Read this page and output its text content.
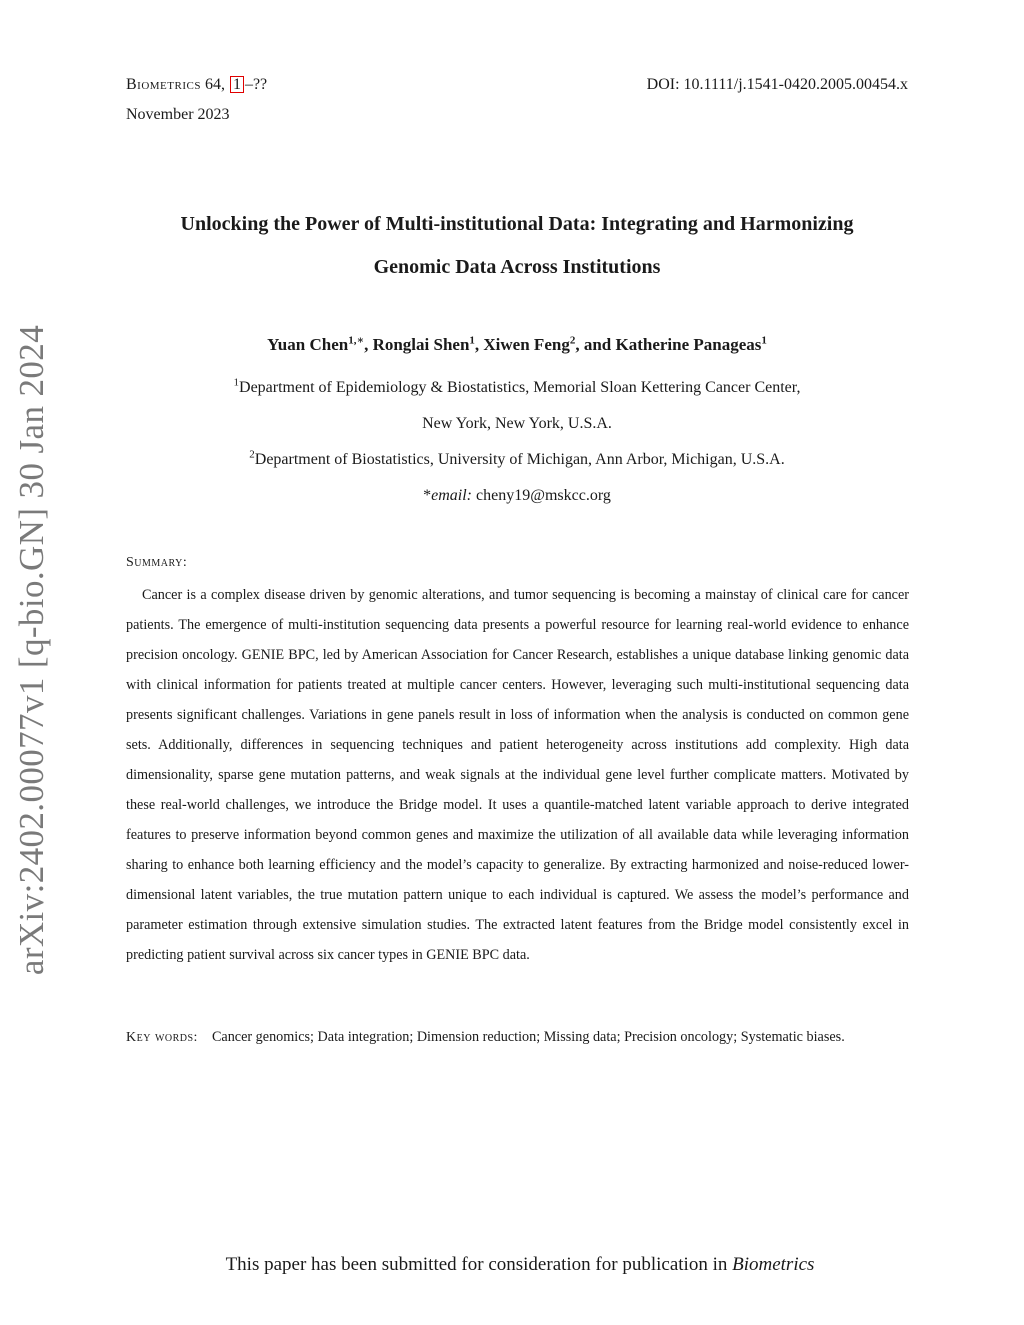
arXiv:2402.00077v1 [q-bio.GN] 30 Jan 2024
Biometrics 64, 1 –??	DOI: 10.1111/j.1541-0420.2005.00454.x
November 2023
Unlocking the Power of Multi-institutional Data: Integrating and Harmonizing
Genomic Data Across Institutions
Yuan Chen$^{1,∗}$, Ronglai Shen$^1$, Xiwen Feng$^2$, and Katherine Panageas$^1$
$^1$Department of Epidemiology & Biostatistics, Memorial Sloan Kettering Cancer Center,
New York, New York, U.S.A.
$^2$Department of Biostatistics, University of Michigan, Ann Arbor, Michigan, U.S.A.
*email: cheny19@mskcc.org
Summary:

Cancer is a complex disease driven by genomic alterations, and tumor sequencing is becoming a mainstay of clinical care for cancer patients. The emergence of multi-institution sequencing data presents a powerful resource for learning real-world evidence to enhance precision oncology. GENIE BPC, led by American Association for Cancer Research, establishes a unique database linking genomic data with clinical information for patients treated at multiple cancer centers. However, leveraging such multi-institutional sequencing data presents significant challenges. Variations in gene panels result in loss of information when the analysis is conducted on common gene sets. Additionally, differences in sequencing techniques and patient heterogeneity across institutions add complexity. High data dimensionality, sparse gene mutation patterns, and weak signals at the individual gene level further complicate matters. Motivated by these real-world challenges, we introduce the Bridge model. It uses a quantile-matched latent variable approach to derive integrated features to preserve information beyond common genes and maximize the utilization of all available data while leveraging information sharing to enhance both learning efficiency and the model’s capacity to generalize. By extracting harmonized and noise-reduced lower-dimensional latent variables, the true mutation pattern unique to each individual is captured. We assess the model’s performance and parameter estimation through extensive simulation studies. The extracted latent features from the Bridge model consistently excel in predicting patient survival across six cancer types in GENIE BPC data.

Key words: Cancer genomics; Data integration; Dimension reduction; Missing data; Precision oncology; Systematic biases.

This paper has been submitted for consideration for publication in Biometrics
